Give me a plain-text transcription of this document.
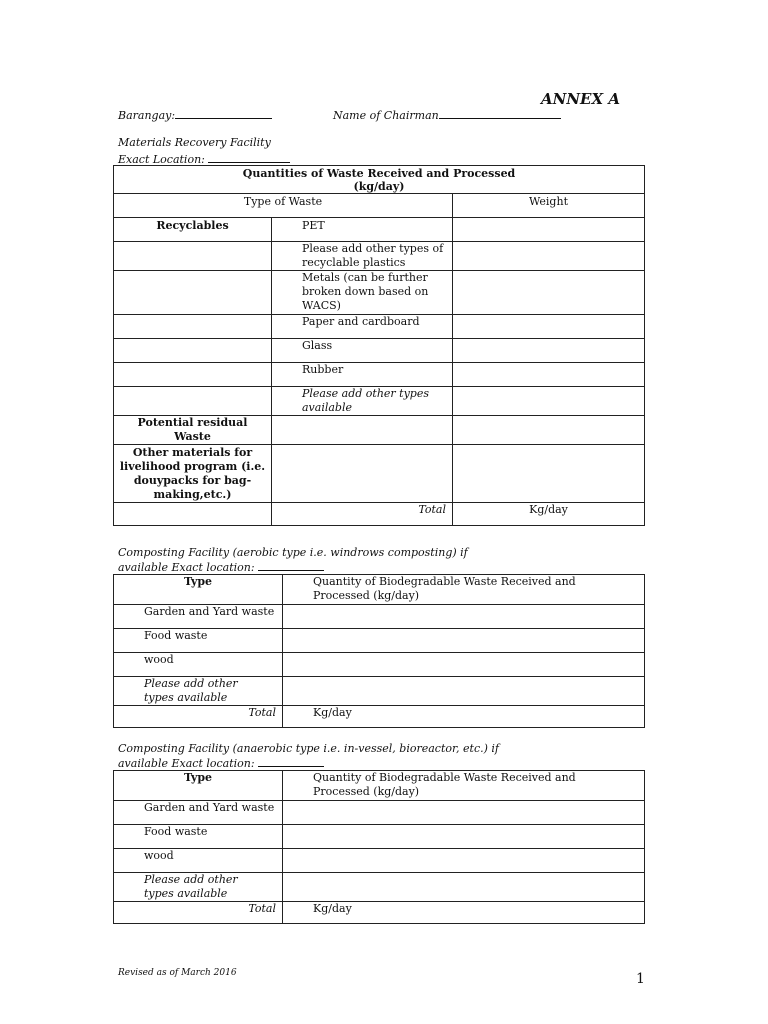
ANNEX A
Barangay:	Name of Chairman
Materials Recovery Facility
Exact Location:
Quantities of Waste Received and Processed
(kg/day)		

Type of Waste		Weight
Recyclables	PET	
	Please add other types of recyclable plastics	
	Metals (can be further broken down based on WACS)	
	Paper and cardboard	
	Glass	
	Rubber	
	Please add other types available	
Potential residual Waste		
Other materials for livelihood program (i.e. douypacks for bag-making,etc.)		
	Total	Kg/day
Composting Facility (aerobic type i.e. windrows composting) if
available Exact location:
Type	Quantity of Biodegradable Waste Received and Processed (kg/day)
Garden and Yard waste	
Food waste	
wood	
Please add other types available	
Total	Kg/day
Composting Facility (anaerobic type i.e. in-vessel, bioreactor, etc.) if
available Exact location:
Type	Quantity of Biodegradable Waste Received and Processed (kg/day)
Garden and Yard waste	
Food waste	
wood	
Please add other types available	
Total	Kg/day
Revised as of March 2016	1
